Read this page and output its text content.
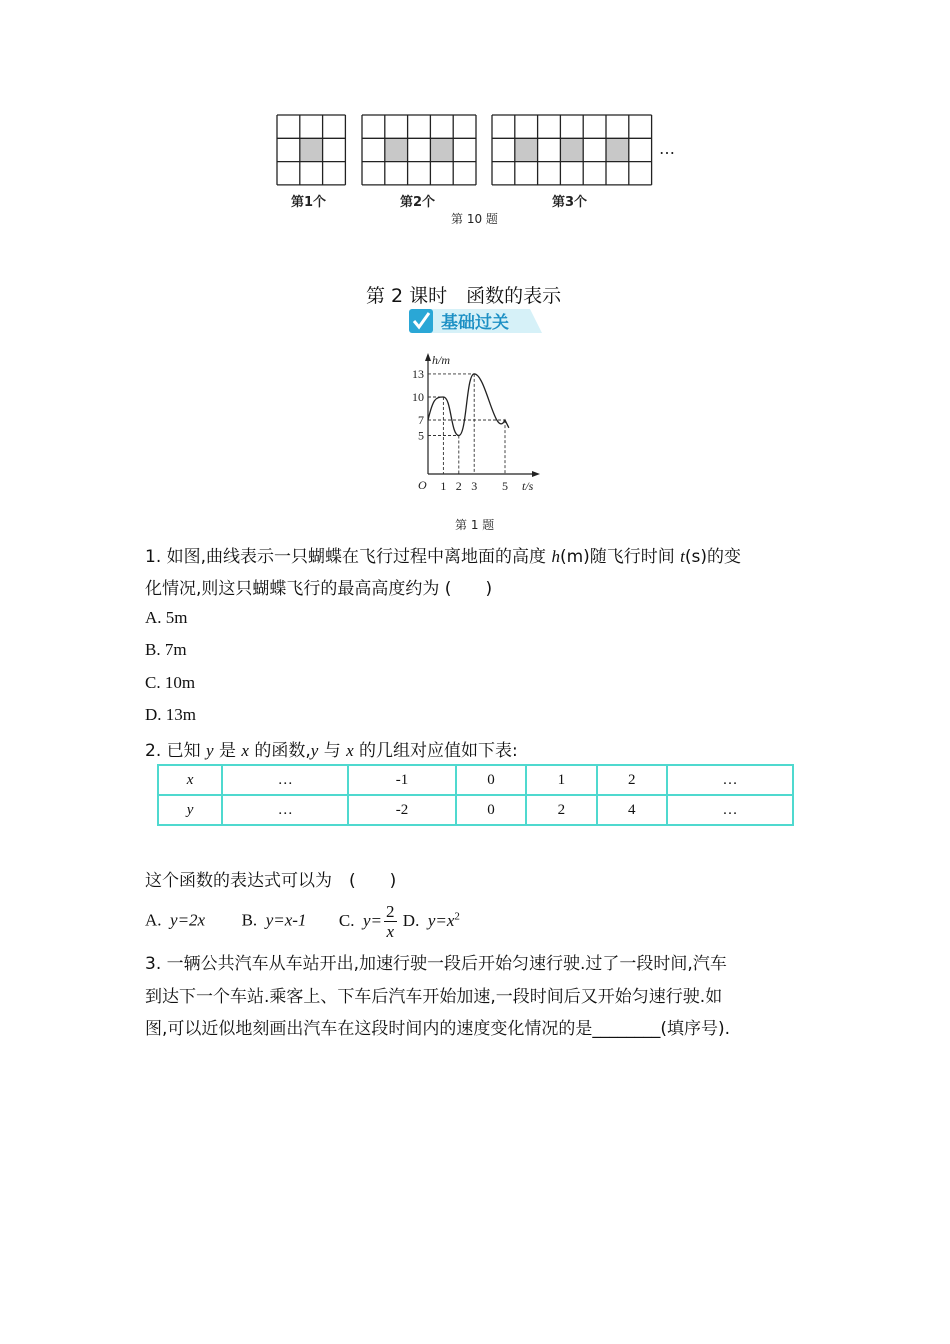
…
第1个	第2个	第3个
第 10 题
第 2 课时　函数的表示
基础过关
13
10
7
5
1 2 3 5
O
h/m
t/s
第 1 题
1. 如图,曲线表示一只蝴蝶在飞行过程中离地面的高度 h(m)随飞行时间 t(s)的变
化情况,则这只蝴蝶飞行的最高高度约为 (　　)
A. 5m
B. 7m
C. 10m
D. 13m
2. 已知 y 是 x 的函数,y 与 x 的几组对应值如下表:
x	…	-1	0	1	2	…
y	…	-2	0	2	4	…
这个函数的表达式可以为　(　　)
A. y=2x B. y=x-1 C. $y= \frac{2}{x} D$. $y=x^2$
3. 一辆公共汽车从车站开出,加速行驶一段后开始匀速行驶.过了一段时间,汽车
到达下一个车站.乘客上、下车后汽车开始加速,一段时间后又开始匀速行驶.如
图,可以近似地刻画出汽车在这段时间内的速度变化情况的是________(填序号).
